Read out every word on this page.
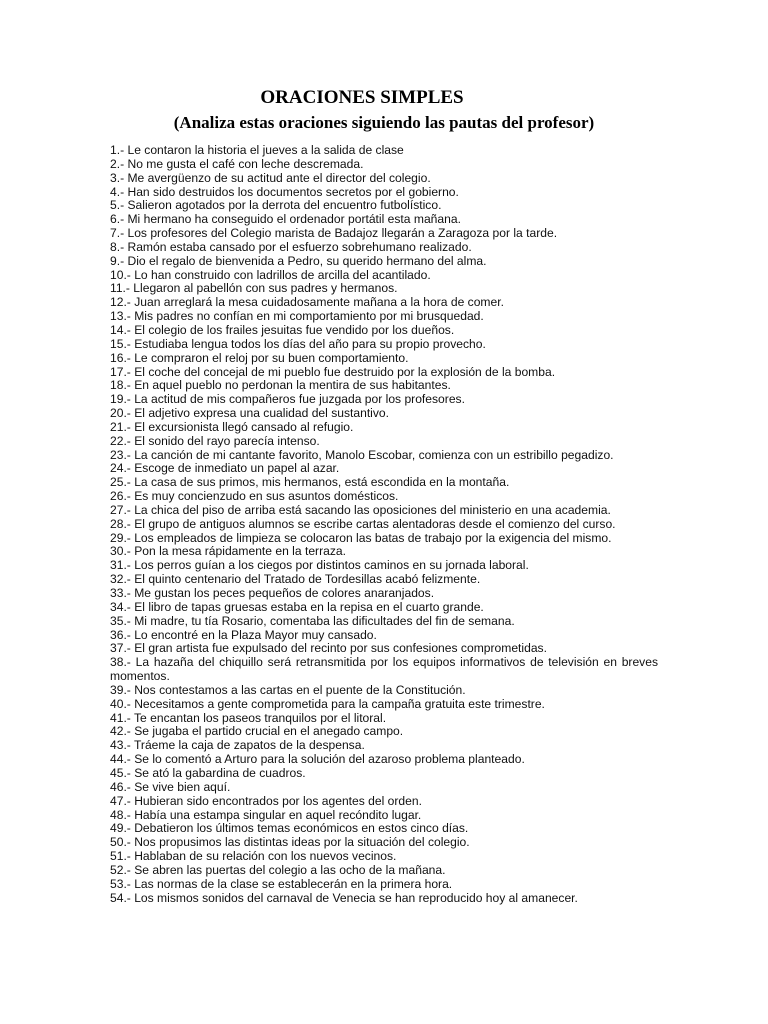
ORACIONES SIMPLES
(Analiza estas oraciones siguiendo las pautas del profesor)
1.- Le contaron la historia el jueves a la salida de clase
2.- No me gusta el café con leche descremada.
3.- Me avergüenzo de su actitud ante el director del colegio.
4.- Han sido destruidos los documentos secretos por el gobierno.
5.- Salieron agotados por la derrota del encuentro futbolístico.
6.- Mi hermano ha conseguido el ordenador portátil esta mañana.
7.- Los profesores del Colegio marista de Badajoz llegarán a Zaragoza por la tarde.
8.- Ramón estaba cansado por el esfuerzo sobrehumano realizado.
9.- Dio el regalo de bienvenida a Pedro, su querido hermano del alma.
10.- Lo han construido con ladrillos de arcilla del acantilado.
11.- Llegaron al pabellón con sus padres y hermanos.
12.- Juan arreglará la mesa cuidadosamente mañana a la hora de comer.
13.- Mis padres no confían en mi comportamiento por mi brusquedad.
14.- El colegio de los frailes jesuitas fue vendido por los dueños.
15.- Estudiaba lengua todos los días del año para su propio provecho.
16.- Le compraron el reloj por su buen comportamiento.
17.- El coche del concejal de mi pueblo fue destruido por la explosión de la bomba.
18.- En aquel pueblo no perdonan la mentira de sus habitantes.
19.- La actitud de mis compañeros fue juzgada por los profesores.
20.- El adjetivo expresa una cualidad del sustantivo.
21.- El excursionista llegó cansado al refugio.
22.- El sonido del rayo parecía intenso.
23.- La canción de mi cantante favorito, Manolo Escobar, comienza con un estribillo pegadizo.
24.- Escoge de inmediato un papel al azar.
25.- La casa de sus primos, mis hermanos, está escondida en la montaña.
26.- Es muy concienzudo en sus asuntos domésticos.
27.- La chica del piso de arriba está sacando las oposiciones del ministerio en una academia.
28.- El grupo de antiguos alumnos se escribe cartas alentadoras desde el comienzo del curso.
29.- Los empleados de limpieza se colocaron las batas de trabajo por la exigencia del mismo.
30.- Pon la mesa rápidamente en la terraza.
31.- Los perros guían a los ciegos por distintos caminos en su jornada laboral.
32.- El quinto centenario del Tratado de Tordesillas acabó felizmente.
33.- Me gustan los peces pequeños de colores anaranjados.
34.- El libro de tapas gruesas estaba en la repisa en el cuarto grande.
35.- Mi madre, tu tía Rosario, comentaba las dificultades del fin de semana.
36.- Lo encontré en la Plaza Mayor muy cansado.
37.- El gran artista fue expulsado del recinto por sus confesiones comprometidas.
38.- La hazaña del chiquillo será retransmitida por los equipos informativos de televisión en breves momentos.
39.- Nos contestamos a las cartas en el puente de la Constitución.
40.- Necesitamos a gente comprometida para la campaña gratuita este trimestre.
41.- Te encantan los paseos tranquilos por el litoral.
42.- Se jugaba el partido crucial en el anegado campo.
43.- Tráeme la caja de zapatos de la despensa.
44.- Se lo comentó a Arturo para la solución del azaroso problema planteado.
45.- Se ató la gabardina de cuadros.
46.- Se vive bien aquí.
47.- Hubieran sido encontrados por los agentes del orden.
48.- Había una estampa singular en aquel recóndito lugar.
49.- Debatieron los últimos temas económicos en estos cinco días.
50.- Nos propusimos las distintas ideas por la situación del colegio.
51.- Hablaban de su relación con los nuevos vecinos.
52.- Se abren las puertas del colegio a las ocho de la mañana.
53.- Las normas de la clase se establecerán en la primera hora.
54.- Los mismos sonidos del carnaval de Venecia se han reproducido hoy al amanecer.
